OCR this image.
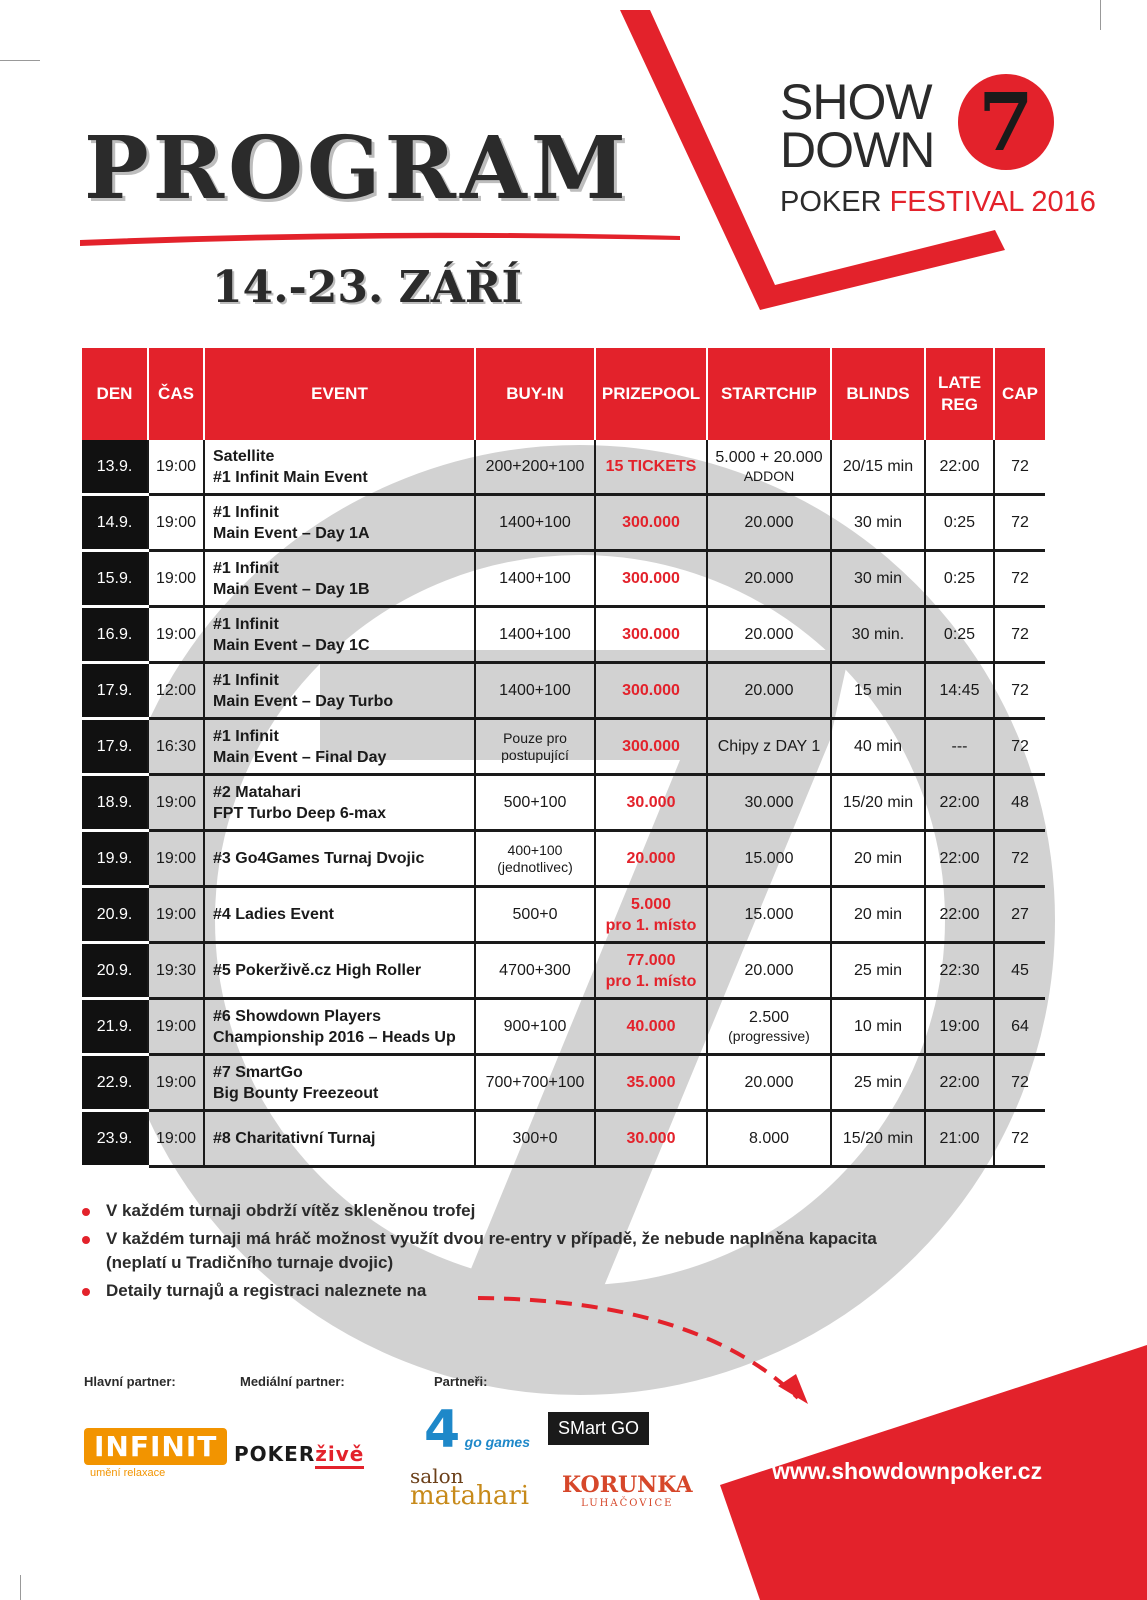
PROGRAM
14.-23. ZÁŘÍ
SHOW
DOWN 7
POKER FESTIVAL 2016
DEN	ČAS	EVENT	BUY-IN	PRIZEPOOL	STARTCHIP	BLINDS	LATE REG	CAP
13.9.	19:00	Satellite
#1 Infinit Main Event	200+200+100	15 TICKETS	5.000 + 20.000
ADDON	20/15 min	22:00	72
14.9.	19:00	#1 Infinit
Main Event – Day 1A	1400+100	300.000	20.000	30 min	0:25	72
15.9.	19:00	#1 Infinit
Main Event – Day 1B	1400+100	300.000	20.000	30 min	0:25	72
16.9.	19:00	#1 Infinit
Main Event – Day 1C	1400+100	300.000	20.000	30 min.	0:25	72
17.9.	12:00	#1 Infinit
Main Event – Day Turbo	1400+100	300.000	20.000	15 min	14:45	72
17.9.	16:30	#1 Infinit
Main Event – Final Day	Pouze pro
postupující	300.000	Chipy z DAY 1	40 min	---	72
18.9.	19:00	#2 Matahari
FPT Turbo Deep 6-max	500+100	30.000	30.000	15/20 min	22:00	48
19.9.	19:00	#3 Go4Games Turnaj Dvojic	400+100
(jednotlivec)	20.000	15.000	20 min	22:00	72
20.9.	19:00	#4 Ladies Event	500+0	5.000
pro 1. místo	15.000	20 min	22:00	27
20.9.	19:30	#5 Pokerživě.cz High Roller	4700+300	77.000
pro 1. místo	20.000	25 min	22:30	45
21.9.	19:00	#6 Showdown Players
Championship 2016 – Heads Up	900+100	40.000	2.500
(progressive)	10 min	19:00	64
22.9.	19:00	#7 SmartGo
Big Bounty Freezeout	700+700+100	35.000	20.000	25 min	22:00	72
23.9.	19:00	#8 Charitativní Turnaj	300+0	30.000	8.000	15/20 min	21:00	72
V každém turnaji obdrží vítěz skleněnou trofej
V každém turnaji má hráč možnost využít dvou re-entry v případě, že nebude naplněna kapacita
(neplatí u Tradičního turnaje dvojic)
Detaily turnajů a registraci naleznete na
Hlavní partner:	Mediální partner:	Partneři:
INFINIT
umění relaxace
POKERživě 4 go games
SMart GO
salon
matahari KORUNKA
LUHAČOVICE
www.showdownpoker.cz
